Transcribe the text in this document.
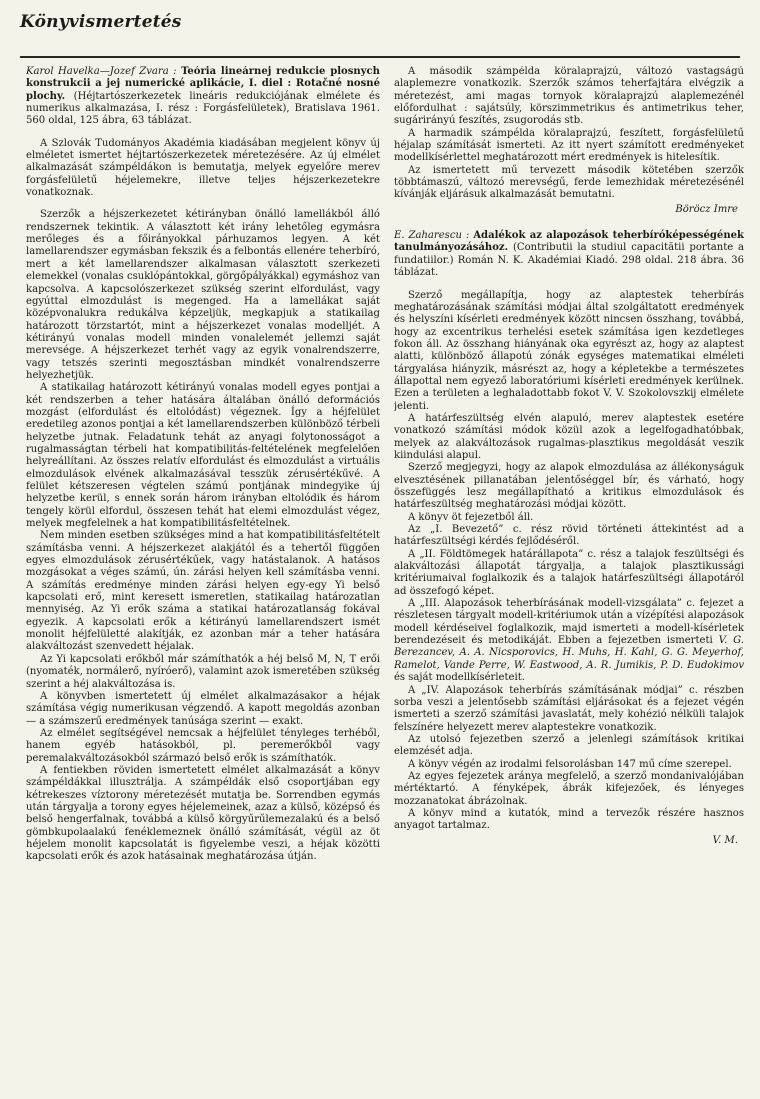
Könyvismertetés

Karol Havelka—Jozef Zvara : Teória lineárnej redukcie plosnych konstrukcii a jej numerické aplikácie, I. diel : Rotačné nosné plochy. (Héjtartószerkezetek lineáris redukciójának elmélete és numerikus alkalmazása, I. rész : Forgásfelületek), Bratislava 1961. 560 oldal, 125 ábra, 63 táblázat.

A Szlovák Tudományos Akadémia kiadásában megjelent könyv új elméletet ismertet héjtartószerkezetek méretezésére. Az új elmélet alkalmazását számpéldákon is bemutatja, melyek egyelőre merev forgásfelületű héjelemekre, illetve teljes héjszerkezetekre vonatkoznak.

Szerzők a héjszerkezetet kétirányban önálló lamellákból álló rendszernek tekintik. A választott két irány lehetőleg egymásra merőleges és a főirányokkal párhuzamos legyen. A két lamellarendszer egymásban fekszik és a felbontás ellenére teherbíró, mert a két lamellarendszer alkalmasan választott szerkezeti elemekkel (vonalas csuklópántokkal, görgőpályákkal) egymáshoz van kapcsolva. A kapcsolószerkezet szükség szerint elfordulást, vagy egyúttal elmozdulást is megenged. Ha a lamellákat saját középvonalukra redukálva képzeljük, megkapjuk a statikailag határozott törzstartót, mint a héjszerkezet vonalas modelljét. A kétirányú vonalas modell minden vonalelemét jellemzi saját merevsége. A héjszerkezet terhét vagy az egyik vonalrendszerre, vagy tetszés szerinti megosztásban mindkét vonalrendszerre helyezhetjük.

A statikailag határozott kétirányú vonalas modell egyes pontjai a két rendszerben a teher hatására általában önálló deformációs mozgást (elfordulást és eltolódást) végeznek. Így a héjfelület eredetileg azonos pontjai a két lamellarendszerben különböző térbeli helyzetbe jutnak. Feladatunk tehát az anyagi folytonosságot a rugalmasságtan térbeli hat kompatibilitás-feltételének megfelelően helyreállítani. Az összes relatív elfordulást és elmozdulást a virtuális elmozdulások elvének alkalmazásával tesszük zérusértékűvé. A felület kétszeresen végtelen számú pontjának mindegyike új helyzetbe kerül, s ennek során három irányban eltolódik és három tengely körül elfordul, összesen tehát hat elemi elmozdulást végez, melyek megfelelnek a hat kompatibilitásfeltételnek.

Nem minden esetben szükséges mind a hat kompatibilitásfeltételt számításba venni. A héjszerkezet alakjától és a tehertől függően egyes elmozdulások zérusértékűek, vagy hatástalanok. A hatásos mozgásokat a véges számú, ún. zárási helyen kell számításba venni. A számítás eredménye minden zárási helyen egy-egy Yi belső kapcsolati erő, mint keresett ismeretlen, statikailag határozatlan mennyiség. Az Yi erők száma a statikai határozatlanság fokával egyezik. A kapcsolati erők a kétirányú lamellarendszert ismét monolit héjfelületté alakítják, ez azonban már a teher hatására alakváltozást szenvedett héjalak.

Az Yi kapcsolati erőkből már számíthatók a héj belső M, N, T erői (nyomaték, normálerő, nyíróerő), valamint azok ismeretében szükség szerint a héj alakváltozása is.

A könyvben ismertetett új elmélet alkalmazásakor a héjak számítása végig numerikusan végzendő. A kapott megoldás azonban — a számszerű eredmények tanúsága szerint — exakt.

Az elmélet segítségével nemcsak a héjfelület tényleges terhéből, hanem egyéb hatásokból, pl. peremerőkből vagy peremalakváltozásokból származó belső erők is számíthatók.

A fentiekben röviden ismertetett elmélet alkalmazását a könyv számpéldákkal illusztrálja. A számpéldák első csoportjában egy kétrekeszes víztorony méretezését mutatja be. Sorrendben egymás után tárgyalja a torony egyes héjelemeinek, azaz a külső, középső és belső hengerfalnak, továbbá a külső körgyűrűlemezalakú és a belső gömbkupolaalakú fenéklemeznek önálló számítását, végül az öt héjelem monolit kapcsolatát is figyelembe veszi, a héjak közötti kapcsolati erők és azok hatásainak meghatározása útján.

A második számpélda köralaprajzú, változó vastagságú alaplemezre vonatkozik. Szerzők számos teherfajtára elvégzik a méretezést, ami magas tornyok köralaprajzú alaplemezénél előfordulhat : sajátsúly, körszimmetrikus és antimetrikus teher, sugárirányú feszítés, zsugorodás stb.

A harmadik számpélda köralaprajzú, feszített, forgásfelületű héjalap számítását ismerteti. Az itt nyert számított eredményeket modellkísérlettel meghatározott mért eredmények is hitelesítik.

Az ismertetett mű tervezett második kötetében szerzők többtámaszú, változó merevségű, ferde lemezhidak méretezésénél kívánják eljárásuk alkalmazását bemutatni.

Böröcz Imre

E. Zaharescu : Adalékok az alapozások teherbíróképességének tanulmányozásához. (Contributii la studiul capacitătii portante a fundatiilor.) Román N. K. Akadémiai Kiadó. 298 oldal. 218 ábra. 36 táblázat.

Szerző megállapítja, hogy az alaptestek teherbírás meghatározásának számítási módjai által szolgáltatott eredmények és helyszíni kísérleti eredmények között nincsen összhang, továbbá, hogy az excentrikus terhelési esetek számítása igen kezdetleges fokon áll. Az összhang hiányának oka egyrészt az, hogy az alaptest alatti, különböző állapotú zónák egységes matematikai elméleti tárgyalása hiányzik, másrészt az, hogy a képletekbe a természetes állapottal nem egyező laboratóriumi kísérleti eredmények kerülnek. Ezen a területen a leghaladottabb fokot V. V. Szokolovszkij elmélete jelenti.

A határfeszültség elvén alapuló, merev alaptestek esetére vonatkozó számítási módok közül azok a legelfogadhatóbbak, melyek az alakváltozások rugalmas-plasztikus megoldását veszik kiindulási alapul.

Szerző megjegyzi, hogy az alapok elmozdulása az állékonyságuk elvesztésének pillanatában jelentőséggel bír, és várható, hogy összefüggés lesz megállapítható a kritikus elmozdulások és határfeszültség meghatározási módjai között.

A könyv öt fejezetből áll.

Az „I. Bevezető” c. rész rövid történeti áttekintést ad a határfeszültségi kérdés fejlődéséről.

A „II. Földtömegek határállapota” c. rész a talajok feszültségi és alakváltozási állapotát tárgyalja, a talajok plasztikussági kritériumaival foglalkozik és a talajok határfeszültségi állapotáról ad összefogó képet.

A „III. Alapozások teherbírásának modell-vizsgálata” c. fejezet a részletesen tárgyalt modell-kritériumok után a vízépítési alapozások modell kérdéseivel foglalkozik, majd ismerteti a modell-kísérletek berendezéseit és metodikáját. Ebben a fejezetben ismerteti V. G. Berezancev, A. A. Nicsporovics, H. Muhs, H. Kahl, G. G. Meyerhof, Ramelot, Vande Perre, W. Eastwood, A. R. Jumikis, P. D. Eudokimov és saját modellkísérleteit.

A „IV. Alapozások teherbírás számításának módjai” c. részben sorba veszi a jelentősebb számítási eljárásokat és a fejezet végén ismerteti a szerző számítási javaslatát, mely kohézió nélküli talajok felszínére helyezett merev alaptestekre vonatkozik.

Az utolsó fejezetben szerző a jelenlegi számítások kritikai elemzését adja.

A könyv végén az irodalmi felsorolásban 147 mű címe szerepel.

Az egyes fejezetek aránya megfelelő, a szerző mondanivalójában mértéktartó. A fényképek, ábrák kifejezőek, és lényeges mozzanatokat ábrázolnak.

A könyv mind a kutatók, mind a tervezők részére hasznos anyagot tartalmaz.

V. M.
